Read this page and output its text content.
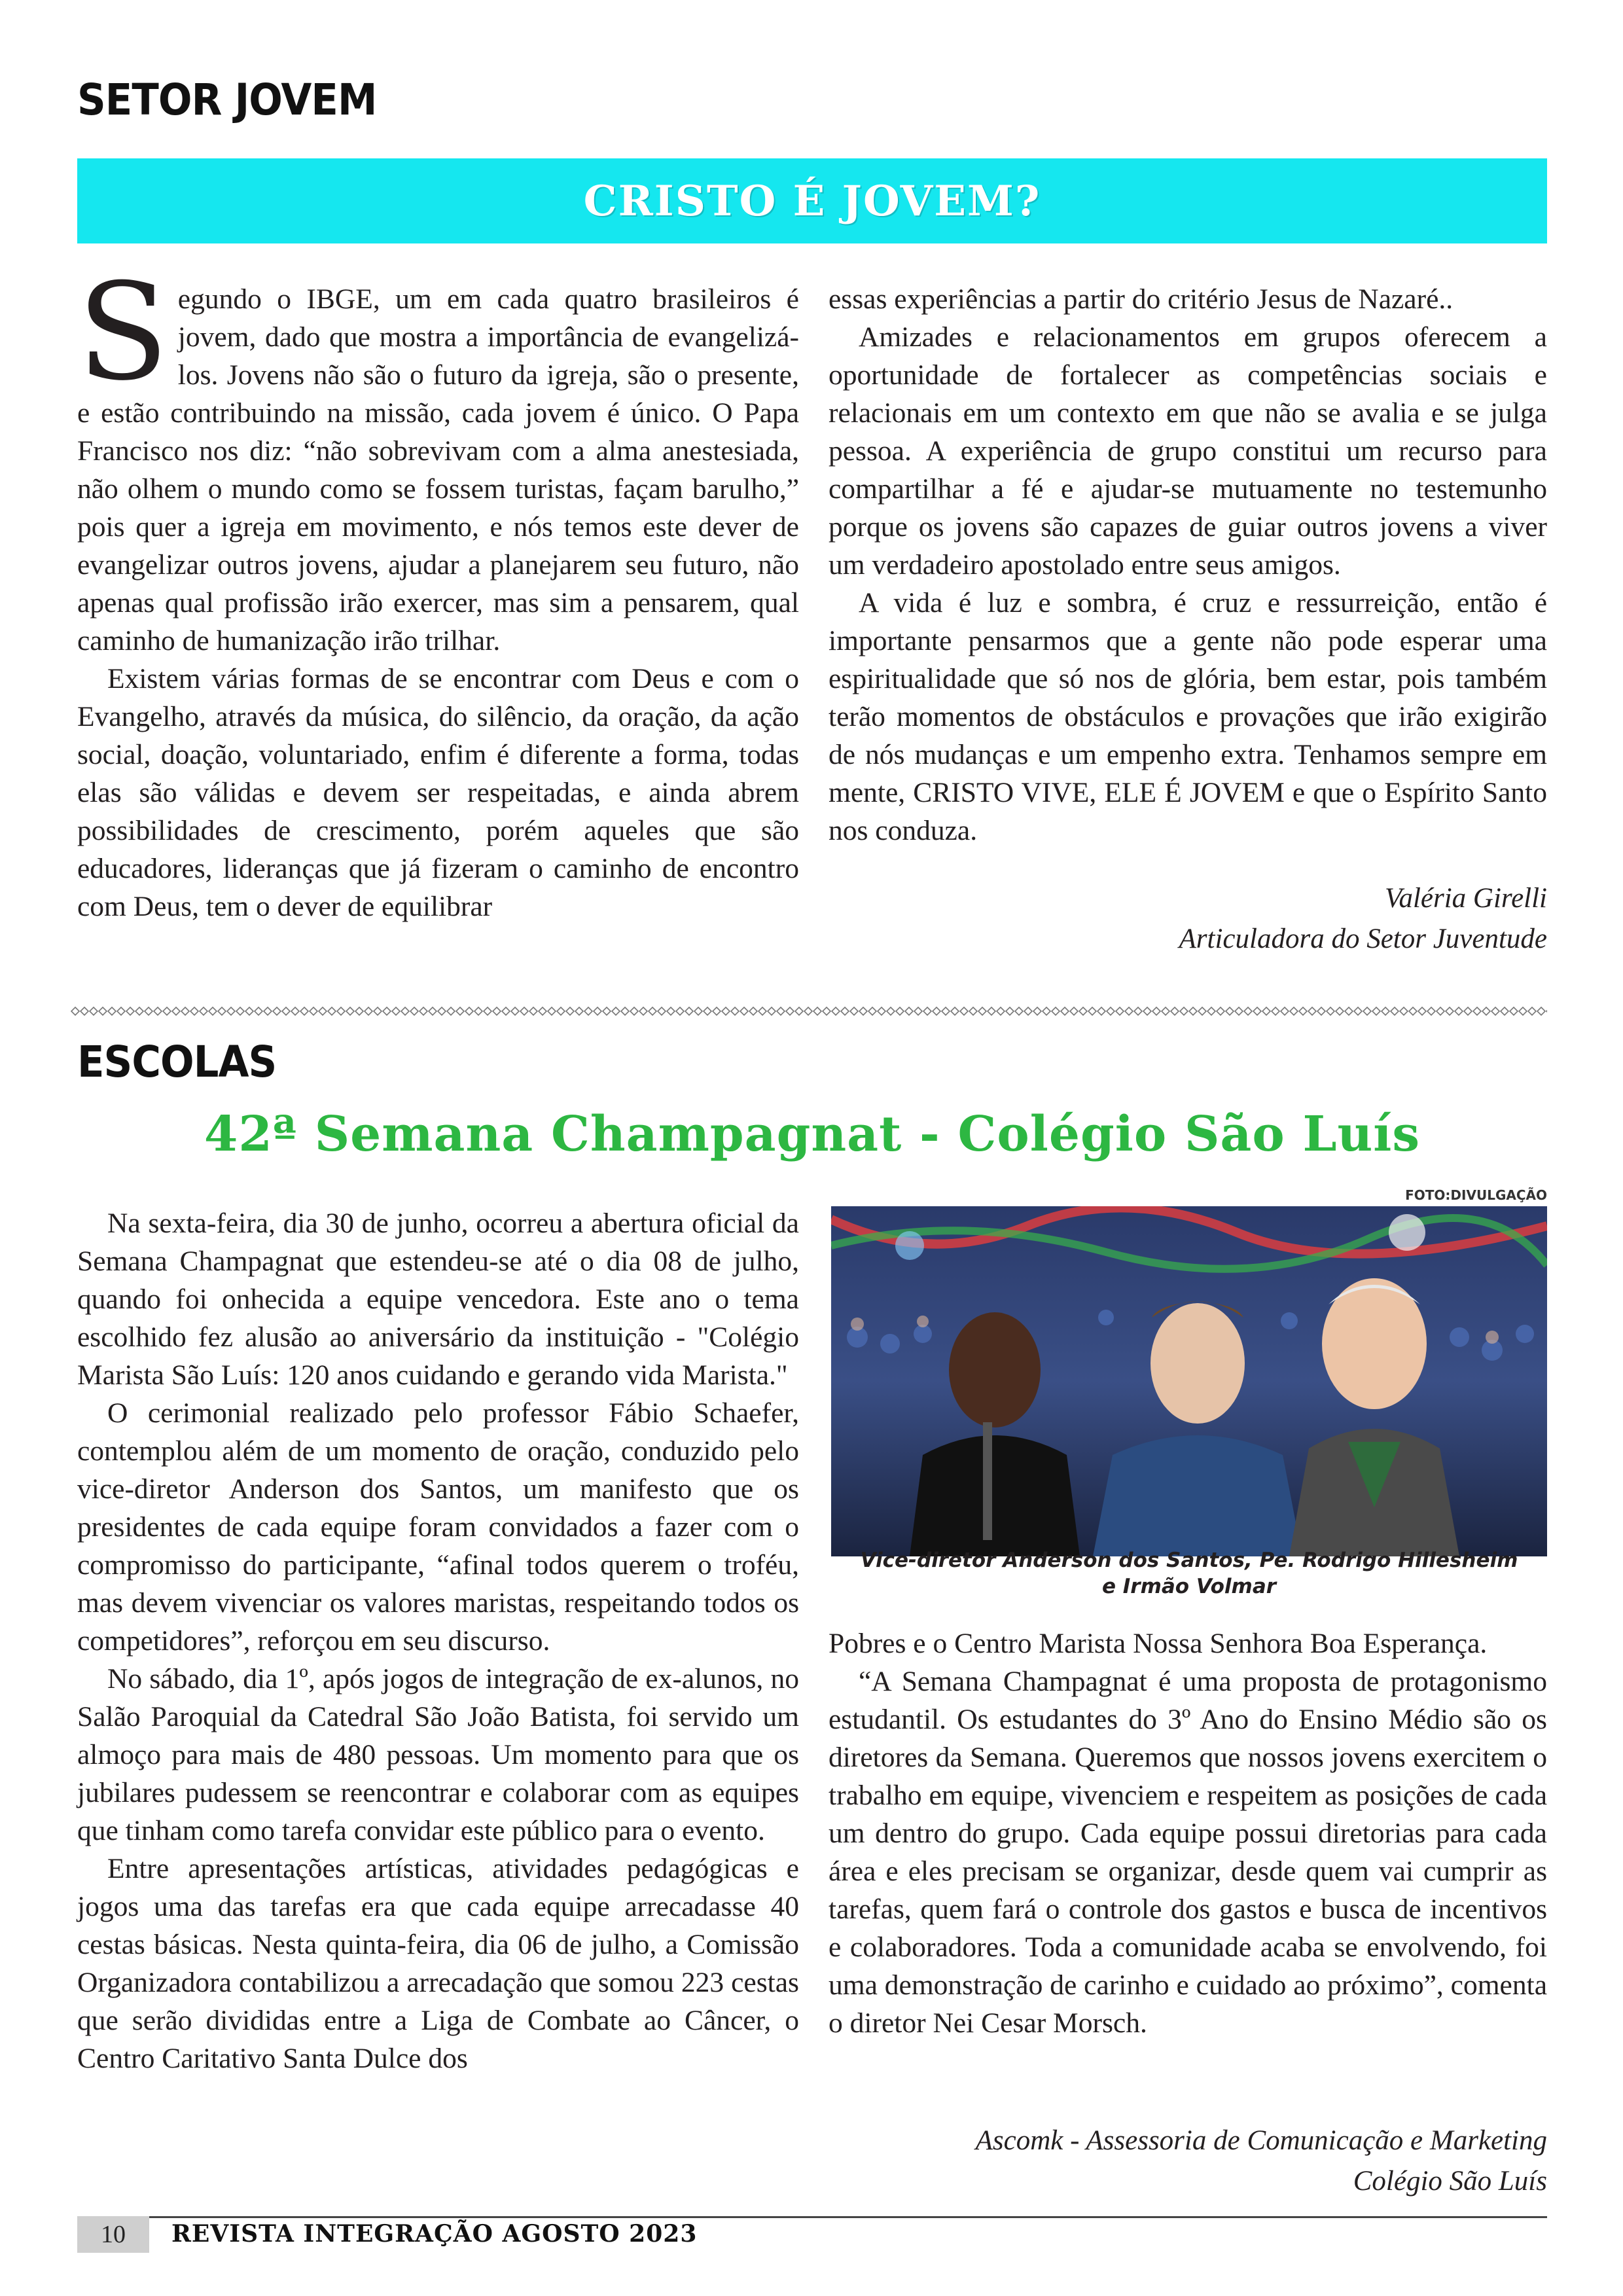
SETOR JOVEM
CRISTO É JOVEM?

Segundo o IBGE, um em cada quatro brasileiros é jovem, dado que mostra a importância de evangelizá-los. Jovens não são o futuro da igreja, são o presente, e estão contribuindo na missão, cada jovem é único. O Papa Francisco nos diz: “não sobrevivam com a alma anestesiada, não olhem o mundo como se fossem turistas, façam barulho,” pois quer a igreja em movimento, e nós temos este dever de evangelizar outros jovens, ajudar a planejarem seu futuro, não apenas qual profissão irão exercer, mas sim a pensarem, qual caminho de humanização irão trilhar.

Existem várias formas de se encontrar com Deus e com o Evangelho, através da música, do silêncio, da oração, da ação social, doação, voluntariado, enfim é diferente a forma, todas elas são válidas e devem ser respeitadas, e ainda abrem possibilidades de crescimento, porém aqueles que são educadores, lideranças que já fizeram o caminho de encontro com Deus, tem o dever de equilibrar

essas experiências a partir do critério Jesus de Nazaré..

Amizades e relacionamentos em grupos oferecem a oportunidade de fortalecer as competências sociais e relacionais em um contexto em que não se avalia e se julga pessoa. A experiência de grupo constitui um recurso para compartilhar a fé e ajudar-se mutuamente no testemunho porque os jovens são capazes de guiar outros jovens a viver um verdadeiro apostolado entre seus amigos.

A vida é luz e sombra, é cruz e ressurreição, então é importante pensarmos que a gente não pode esperar uma espiritualidade que só nos de glória, bem estar, pois também terão momentos de obstáculos e provações que irão exigirão de nós mudanças e um empenho extra. Tenhamos sempre em mente, CRISTO VIVE, ELE É JOVEM e que o Espírito Santo nos conduza.

Valéria Girelli
Articuladora do Setor Juventude
ESCOLAS
42ª Semana Champagnat - Colégio São Luís

Na sexta-feira, dia 30 de junho, ocorreu a abertura oficial da Semana Champagnat que estendeu-se até o dia 08 de julho, quando foi onhecida a equipe vencedora. Este ano o tema escolhido fez alusão ao aniversário da instituição - "Colégio Marista São Luís: 120 anos cuidando e gerando vida Marista."

O cerimonial realizado pelo professor Fábio Schaefer, contemplou além de um momento de oração, conduzido pelo vice-diretor Anderson dos Santos, um manifesto que os presidentes de cada equipe foram convidados a fazer com o compromisso do participante, “afinal todos querem o troféu, mas devem vivenciar os valores maristas, respeitando todos os competidores”, reforçou em seu discurso.

No sábado, dia 1º, após jogos de integração de ex-alunos, no Salão Paroquial da Catedral São João Batista, foi servido um almoço para mais de 480 pessoas. Um momento para que os jubilares pudessem se reencontrar e colaborar com as equipes que tinham como tarefa convidar este público para o evento.

Entre apresentações artísticas, atividades pedagógicas e jogos uma das tarefas era que cada equipe arrecadasse 40 cestas básicas. Nesta quinta-feira, dia 06 de julho, a Comissão Organizadora contabilizou a arrecadação que somou 223 cestas que serão divididas entre a Liga de Combate ao Câncer, o Centro Caritativo Santa Dulce dos

FOTO:DIVULGAÇÃO
Vice-diretor Anderson dos Santos, Pe. Rodrigo Hillesheim
e Irmão Volmar

Pobres e o Centro Marista Nossa Senhora Boa Esperança.

“A Semana Champagnat é uma proposta de protagonismo estudantil. Os estudantes do 3º Ano do Ensino Médio são os diretores da Semana. Queremos que nossos jovens exercitem o trabalho em equipe, vivenciem e respeitem as posições de cada um dentro do grupo. Cada equipe possui diretorias para cada área e eles precisam se organizar, desde quem vai cumprir as tarefas, quem fará o controle dos gastos e busca de incentivos e colaboradores. Toda a comunidade acaba se envolvendo, foi uma demonstração de carinho e cuidado ao próximo”, comenta o diretor Nei Cesar Morsch.

Ascomk - Assessoria de Comunicação e Marketing
Colégio São Luís
10	REVISTA INTEGRAÇÃO AGOSTO 2023
